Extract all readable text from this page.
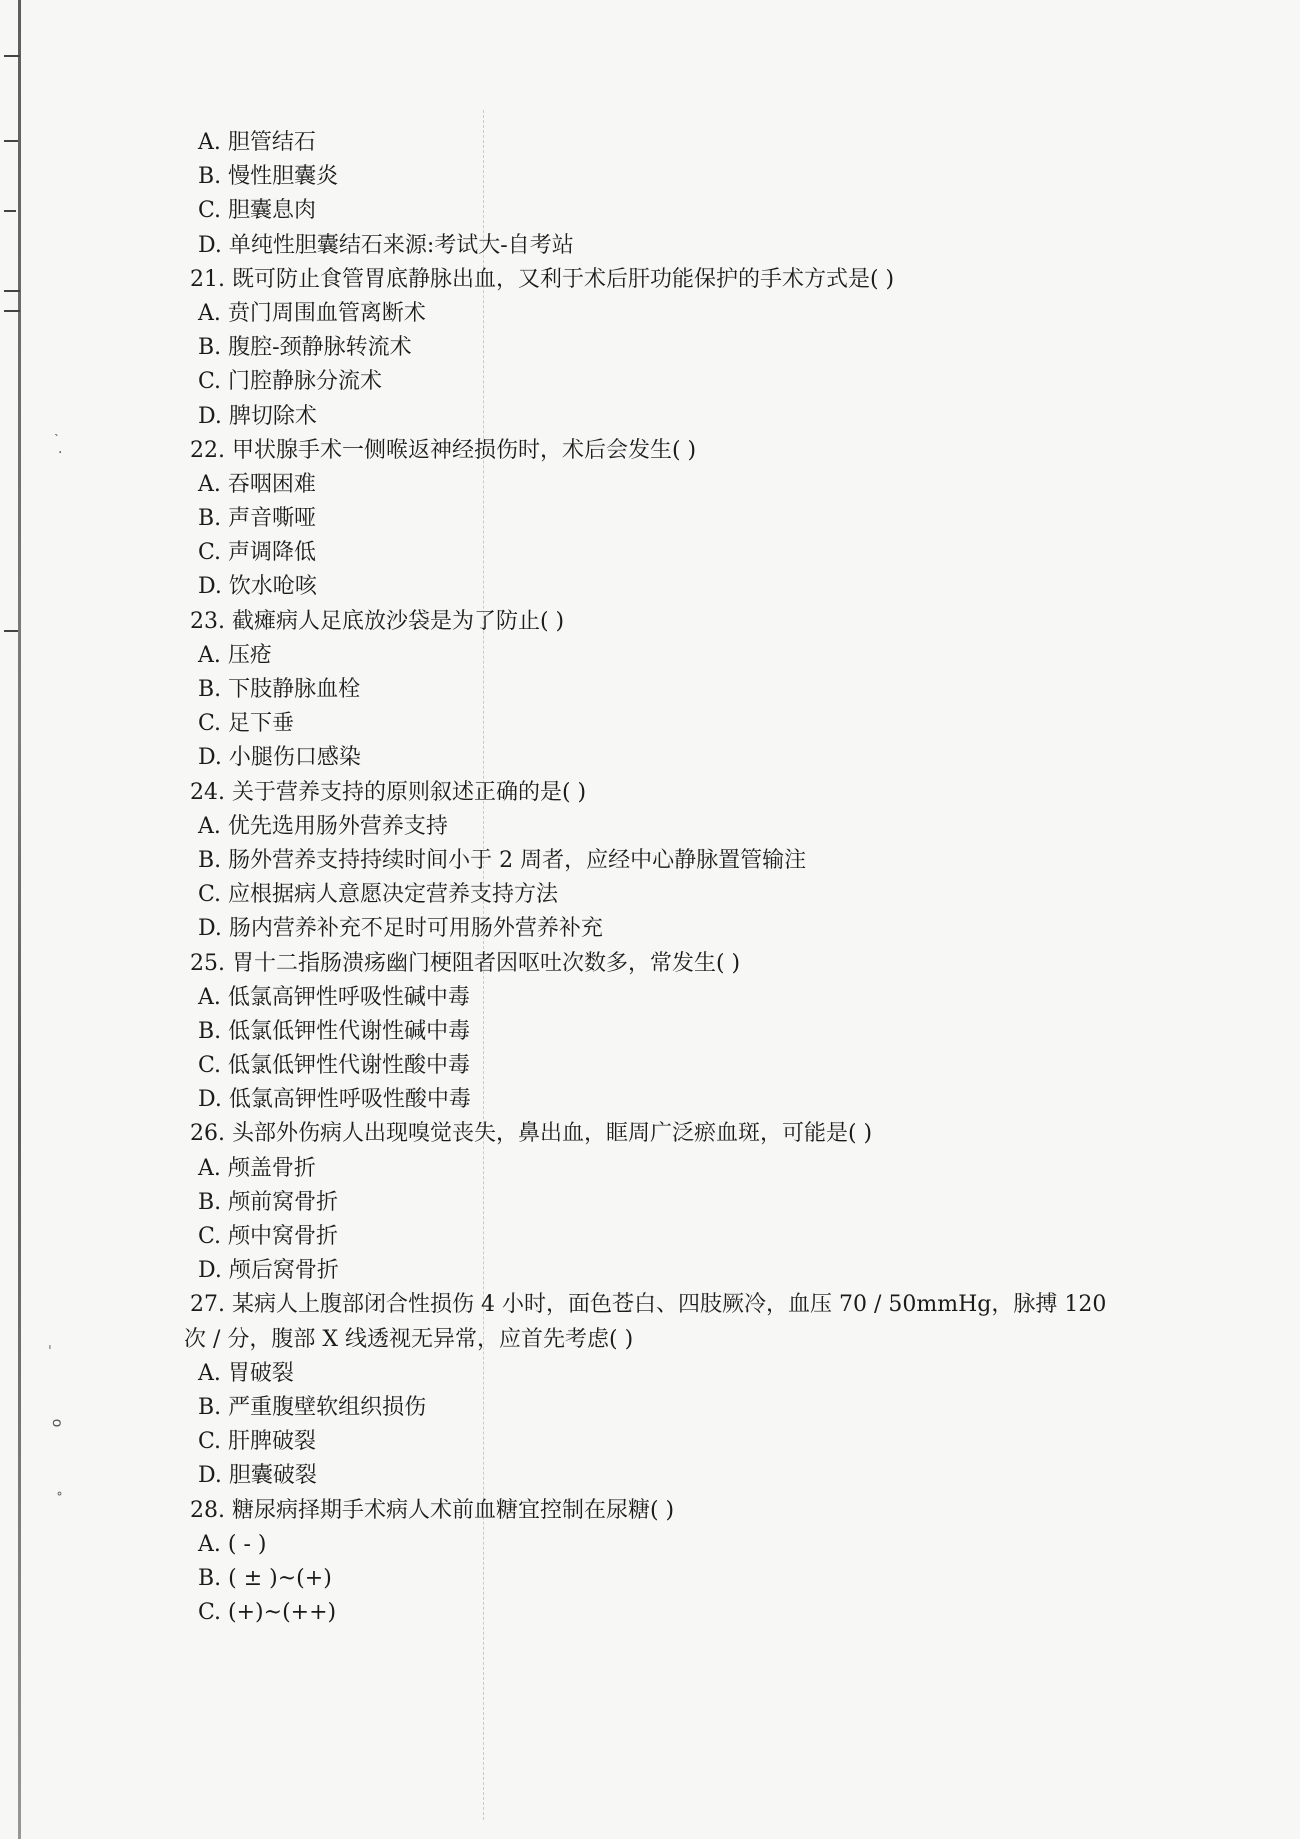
˴
·
ˌ
ᴑ
˳
A. 胆管结石
B. 慢性胆囊炎
C. 胆囊息肉
D. 单纯性胆囊结石来源:考试大-自考站
21. 既可防止食管胃底静脉出血，又利于术后肝功能保护的手术方式是( )
A. 贲门周围血管离断术
B. 腹腔-颈静脉转流术
C. 门腔静脉分流术
D. 脾切除术
22. 甲状腺手术一侧喉返神经损伤时，术后会发生( )
A. 吞咽困难
B. 声音嘶哑
C. 声调降低
D. 饮水呛咳
23. 截瘫病人足底放沙袋是为了防止( )
A. 压疮
B. 下肢静脉血栓
C. 足下垂
D. 小腿伤口感染
24. 关于营养支持的原则叙述正确的是( )
A. 优先选用肠外营养支持
B. 肠外营养支持持续时间小于 2 周者，应经中心静脉置管输注
C. 应根据病人意愿决定营养支持方法
D. 肠内营养补充不足时可用肠外营养补充
25. 胃十二指肠溃疡幽门梗阻者因呕吐次数多，常发生( )
A. 低氯高钾性呼吸性碱中毒
B. 低氯低钾性代谢性碱中毒
C. 低氯低钾性代谢性酸中毒
D. 低氯高钾性呼吸性酸中毒
26. 头部外伤病人出现嗅觉丧失，鼻出血，眶周广泛瘀血斑，可能是( )
A. 颅盖骨折
B. 颅前窝骨折
C. 颅中窝骨折
D. 颅后窝骨折
27. 某病人上腹部闭合性损伤 4 小时，面色苍白、四肢厥冷，血压 70 / 50mmHg，脉搏 120
次 / 分，腹部 X 线透视无异常，应首先考虑( )
A. 胃破裂
B. 严重腹壁软组织损伤
C. 肝脾破裂
D. 胆囊破裂
28. 糖尿病择期手术病人术前血糖宜控制在尿糖( )
A. ( - )
B. ( ± )~(+)
C. (+)~(++)
